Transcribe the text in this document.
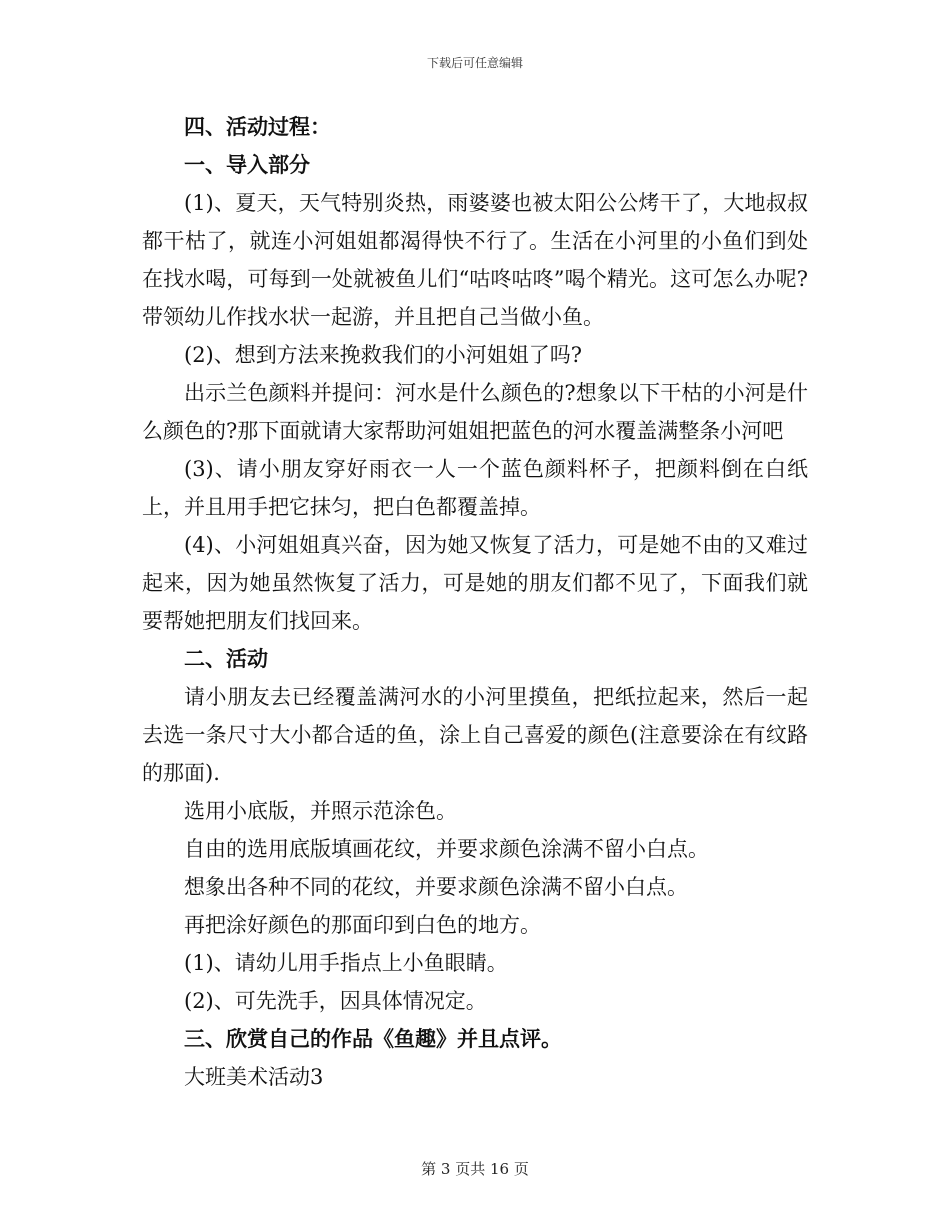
下载后可任意编辑

四、活动过程：

一、导入部分

(1)、夏天，天气特别炎热，雨婆婆也被太阳公公烤干了，大地叔叔都干枯了，就连小河姐姐都渴得快不行了。生活在小河里的小鱼们到处在找水喝，可每到一处就被鱼儿们“咕咚咕咚”喝个精光。这可怎么办呢?带领幼儿作找水状一起游，并且把自己当做小鱼。

(2)、想到方法来挽救我们的小河姐姐了吗?

出示兰色颜料并提问：河水是什么颜色的?想象以下干枯的小河是什么颜色的?那下面就请大家帮助河姐姐把蓝色的河水覆盖满整条小河吧

(3)、请小朋友穿好雨衣一人一个蓝色颜料杯子，把颜料倒在白纸上，并且用手把它抹匀，把白色都覆盖掉。

(4)、小河姐姐真兴奋，因为她又恢复了活力，可是她不由的又难过起来，因为她虽然恢复了活力，可是她的朋友们都不见了，下面我们就要帮她把朋友们找回来。

二、活动

请小朋友去已经覆盖满河水的小河里摸鱼，把纸拉起来，然后一起去选一条尺寸大小都合适的鱼，涂上自己喜爱的颜色(注意要涂在有纹路的那面).

选用小底版，并照示范涂色。

自由的选用底版填画花纹，并要求颜色涂满不留小白点。

想象出各种不同的花纹，并要求颜色涂满不留小白点。

再把涂好颜色的那面印到白色的地方。

(1)、请幼儿用手指点上小鱼眼睛。

(2)、可先洗手，因具体情况定。

三、欣赏自己的作品《鱼趣》并且点评。

大班美术活动3

第 3 页共 16 页
